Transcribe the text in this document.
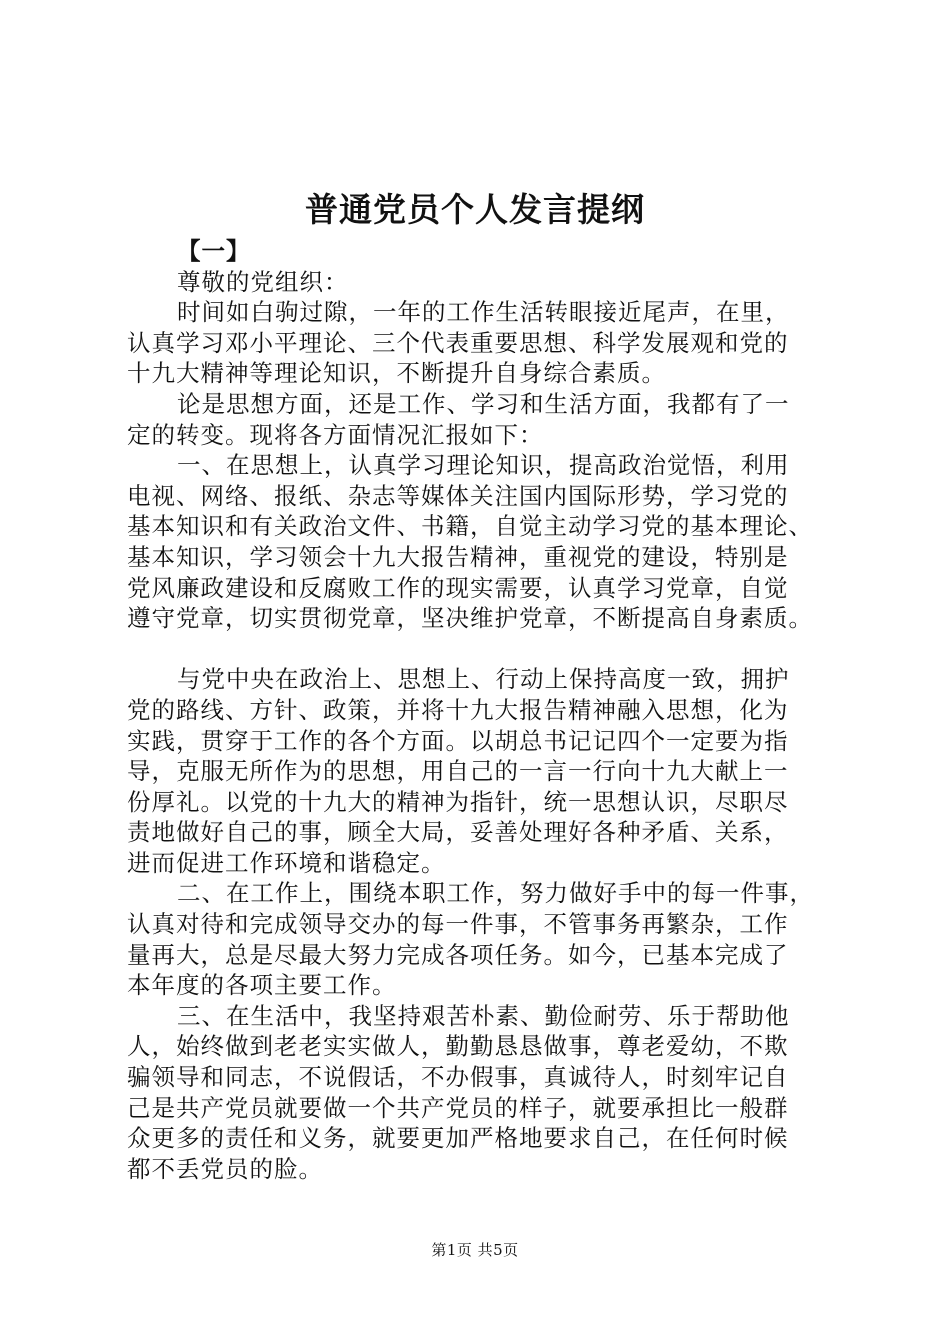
普通党员个人发言提纲
【一】
尊敬的党组织：
时间如白驹过隙，一年的工作生活转眼接近尾声，在里，
认真学习邓小平理论、三个代表重要思想、科学发展观和党的
十九大精神等理论知识，不断提升自身综合素质。
论是思想方面，还是工作、学习和生活方面，我都有了一
定的转变。现将各方面情况汇报如下：
一、在思想上，认真学习理论知识，提高政治觉悟，利用
电视、网络、报纸、杂志等媒体关注国内国际形势，学习党的
基本知识和有关政治文件、书籍，自觉主动学习党的基本理论、
基本知识，学习领会十九大报告精神，重视党的建设，特别是
党风廉政建设和反腐败工作的现实需要，认真学习党章，自觉
遵守党章，切实贯彻党章，坚决维护党章，不断提高自身素质。
与党中央在政治上、思想上、行动上保持高度一致，拥护
党的路线、方针、政策，并将十九大报告精神融入思想，化为
实践，贯穿于工作的各个方面。以胡总书记记四个一定要为指
导，克服无所作为的思想，用自己的一言一行向十九大献上一
份厚礼。以党的十九大的精神为指针，统一思想认识，尽职尽
责地做好自己的事，顾全大局，妥善处理好各种矛盾、关系，
进而促进工作环境和谐稳定。
二、在工作上，围绕本职工作，努力做好手中的每一件事，
认真对待和完成领导交办的每一件事，不管事务再繁杂，工作
量再大，总是尽最大努力完成各项任务。如今，已基本完成了
本年度的各项主要工作。
三、在生活中，我坚持艰苦朴素、勤俭耐劳、乐于帮助他
人，始终做到老老实实做人，勤勤恳恳做事，尊老爱幼，不欺
骗领导和同志，不说假话，不办假事，真诚待人，时刻牢记自
己是共产党员就要做一个共产党员的样子，就要承担比一般群
众更多的责任和义务，就要更加严格地要求自己，在任何时候
都不丢党员的脸。
第1页 共5页
